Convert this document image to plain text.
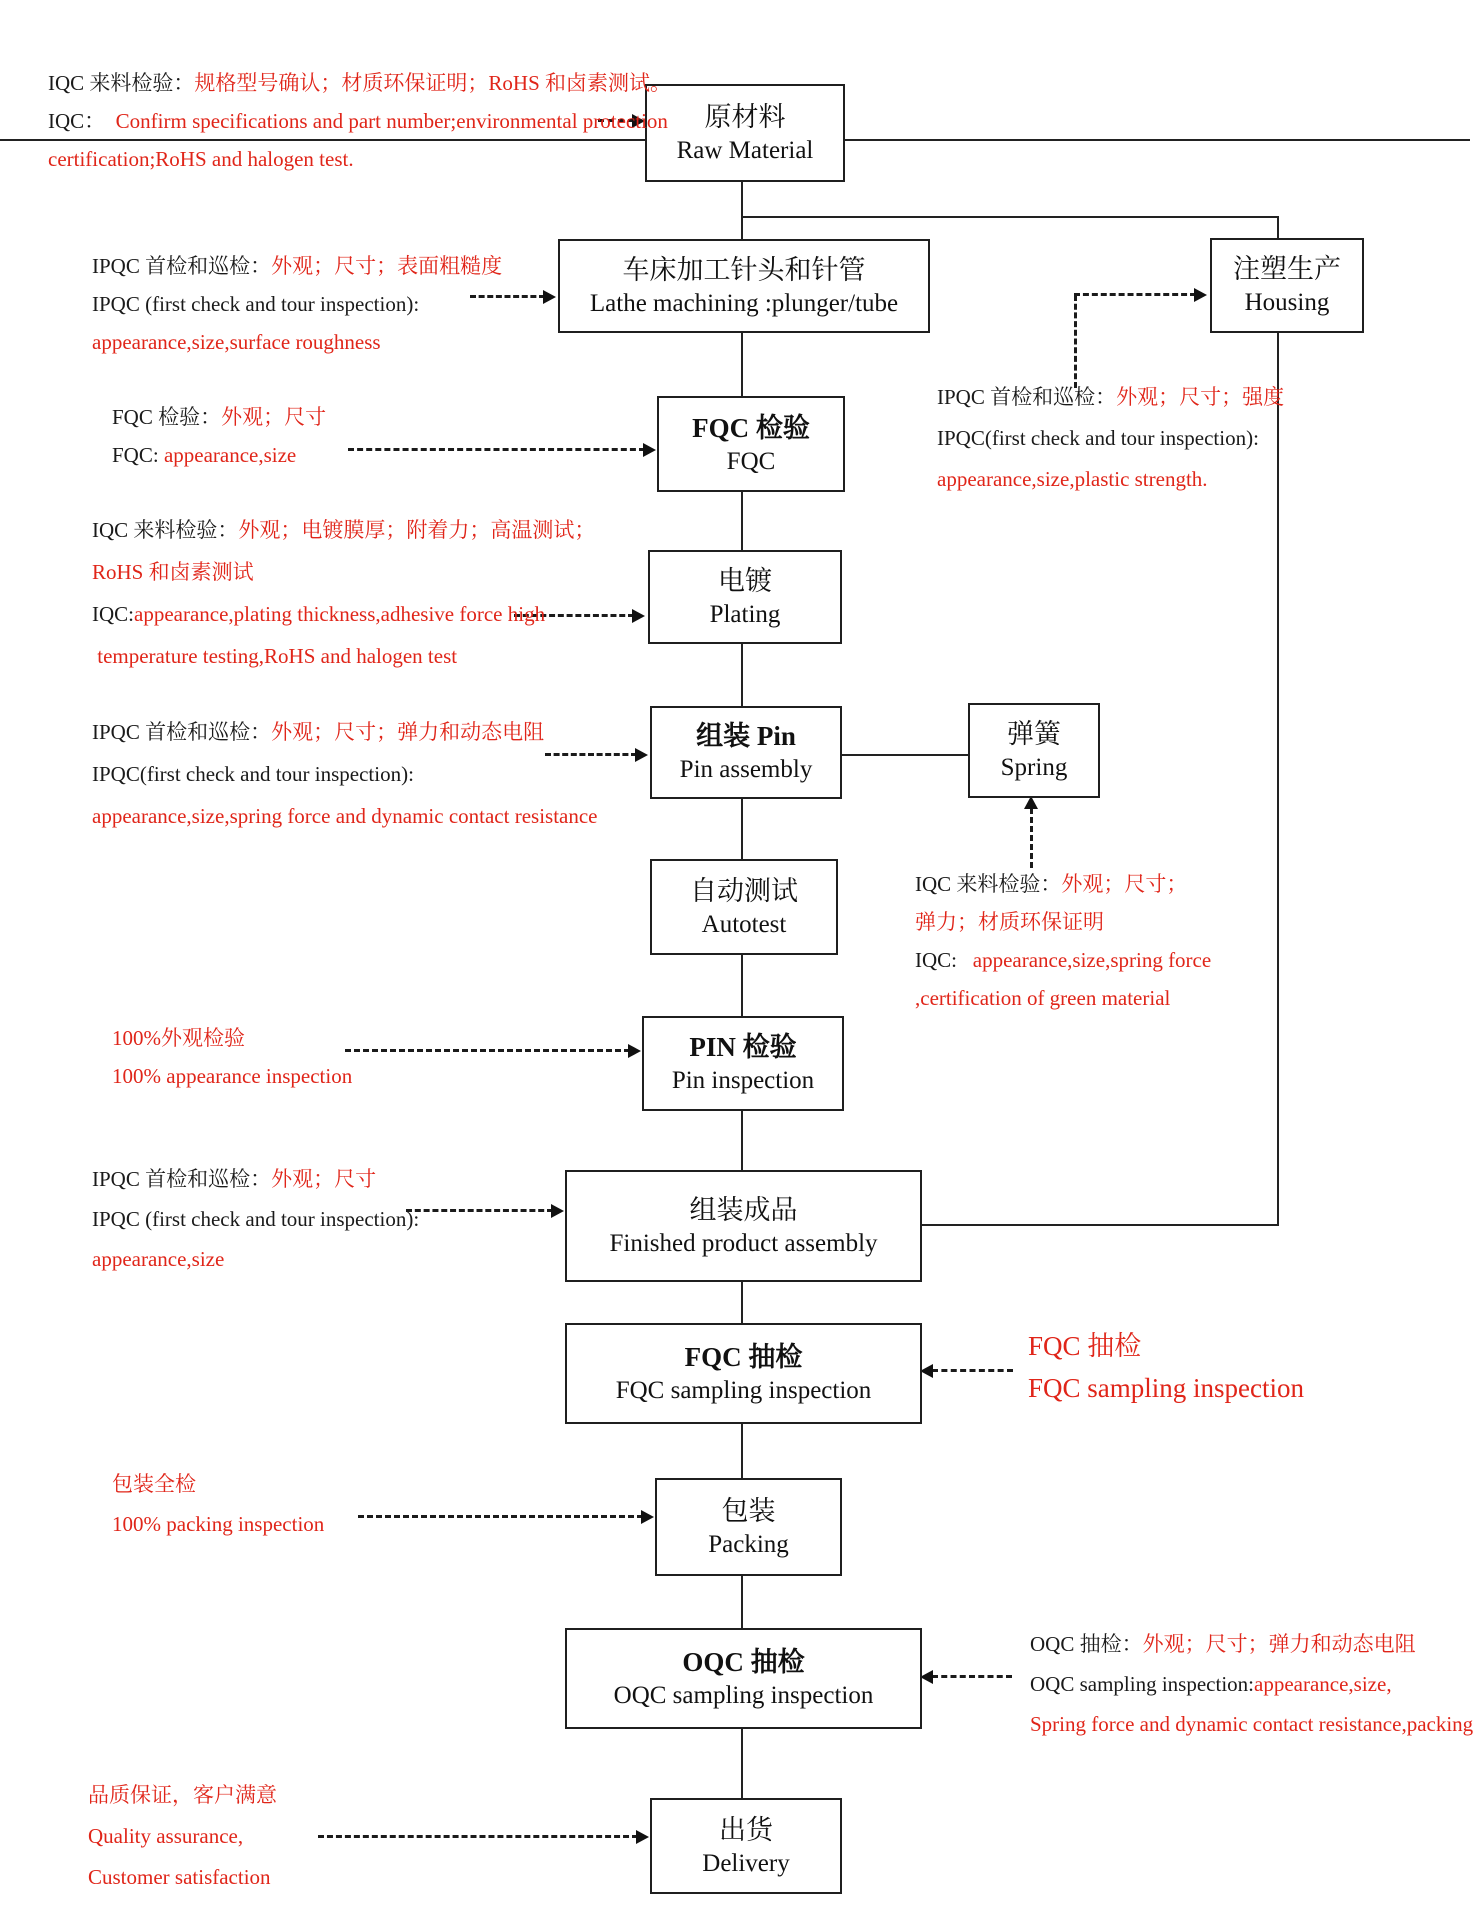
原材料
Raw Material
车床加工针头和针管
Lathe machining :plunger/tube
注塑生产
Housing
FQC 检验
FQC
电镀
Plating
组装 Pin
Pin assembly
弹簧
Spring
自动测试
Autotest
PIN 检验
Pin inspection
组装成品
Finished product assembly
FQC 抽检
FQC sampling inspection
包装
Packing
OQC 抽检
OQC sampling inspection
出货
Delivery
IQC 来料检验：规格型号确认；材质环保证明；RoHS 和卤素测试。
IQC：  Confirm specifications and part number;environmental protection
certification;RoHS and halogen test.
IPQC 首检和巡检：外观；尺寸；表面粗糙度
IPQC (first check and tour inspection):
appearance,size,surface roughness
FQC 检验：外观；尺寸
FQC: appearance,size
IPQC 首检和巡检：外观；尺寸；强度
IPQC(first check and tour inspection):
appearance,size,plastic strength.
IQC 来料检验：外观；电镀膜厚；附着力；高温测试；
RoHS 和卤素测试
IQC:appearance,plating thickness,adhesive force high
temperature testing,RoHS and halogen test
IPQC 首检和巡检：外观；尺寸；弹力和动态电阻
IPQC(first check and tour inspection):
appearance,size,spring force and dynamic contact resistance
IQC 来料检验：外观；尺寸；
弹力；材质环保证明
IQC:   appearance,size,spring force
,certification of green material
100%外观检验
100% appearance inspection
IPQC 首检和巡检：外观；尺寸
IPQC (first check and tour inspection):
appearance,size
FQC 抽检
FQC sampling inspection
包装全检
100% packing inspection
OQC 抽检：外观；尺寸；弹力和动态电阻
OQC sampling inspection:appearance,size,
Spring force and dynamic contact resistance,packing
品质保证，客户满意
Quality assurance,
Customer satisfaction
